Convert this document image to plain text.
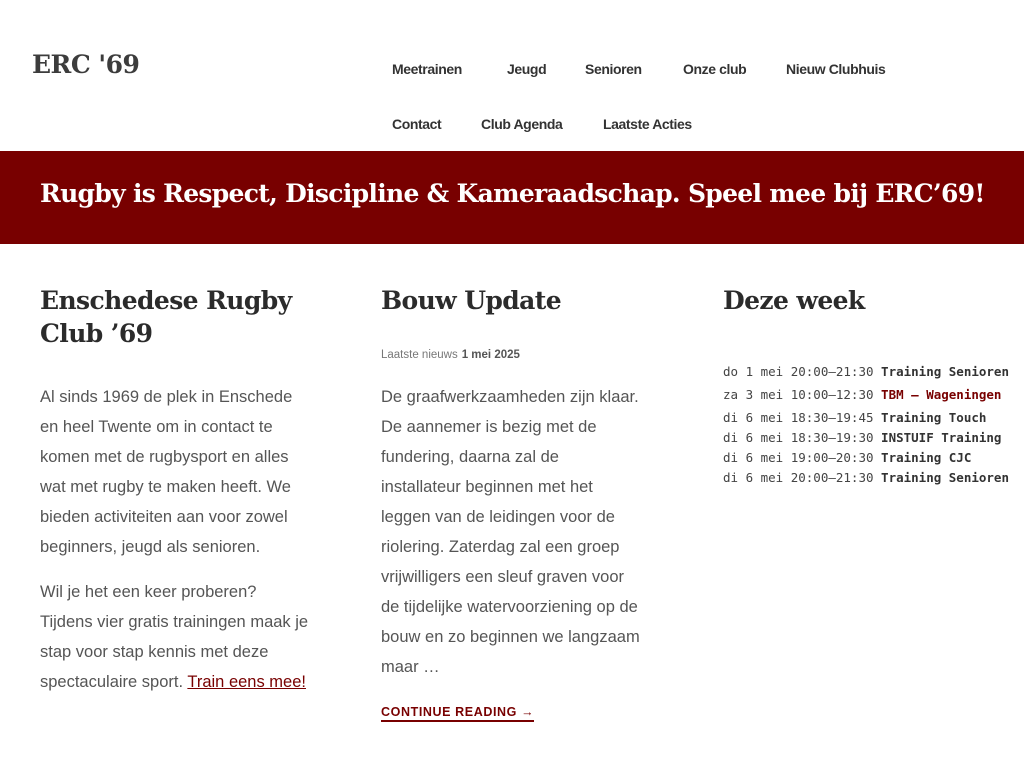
ERC '69	Meetrainen	Jeugd	Senioren	Onze club	Nieuw Clubhuis
Contact	Club Agenda	Laatste Acties
Rugby is Respect, Discipline & Kameraadschap. Speel mee bij ERC’69!
Enschedese Rugby Club ’69

Al sinds 1969 de plek in Enschede en heel Twente om in contact te komen met de rugbysport en alles wat met rugby te maken heeft. We bieden activiteiten aan voor zowel beginners, jeugd als senioren.

Wil je het een keer proberen? Tijdens vier gratis trainingen maak je stap voor stap kennis met deze spectaculaire sport. Train eens mee!

Bouw Update
Laatste nieuws 1 mei 2025

De graafwerkzaamheden zijn klaar. De aannemer is bezig met de fundering, daarna zal de installateur beginnen met het leggen van de leidingen voor de riolering. Zaterdag zal een groep vrijwilligers een sleuf graven voor de tijdelijke watervoorziening op de bouw en zo beginnen we langzaam maar …

CONTINUE READING →
Deze week
do 1 mei 20:00–21:30 Training Senioren
za 3 mei 10:00–12:30 TBM – Wageningen
di 6 mei 18:30–19:45 Training Touch
di 6 mei 18:30–19:30 INSTUIF Training
di 6 mei 19:00–20:30 Training CJC
di 6 mei 20:00–21:30 Training Senioren
